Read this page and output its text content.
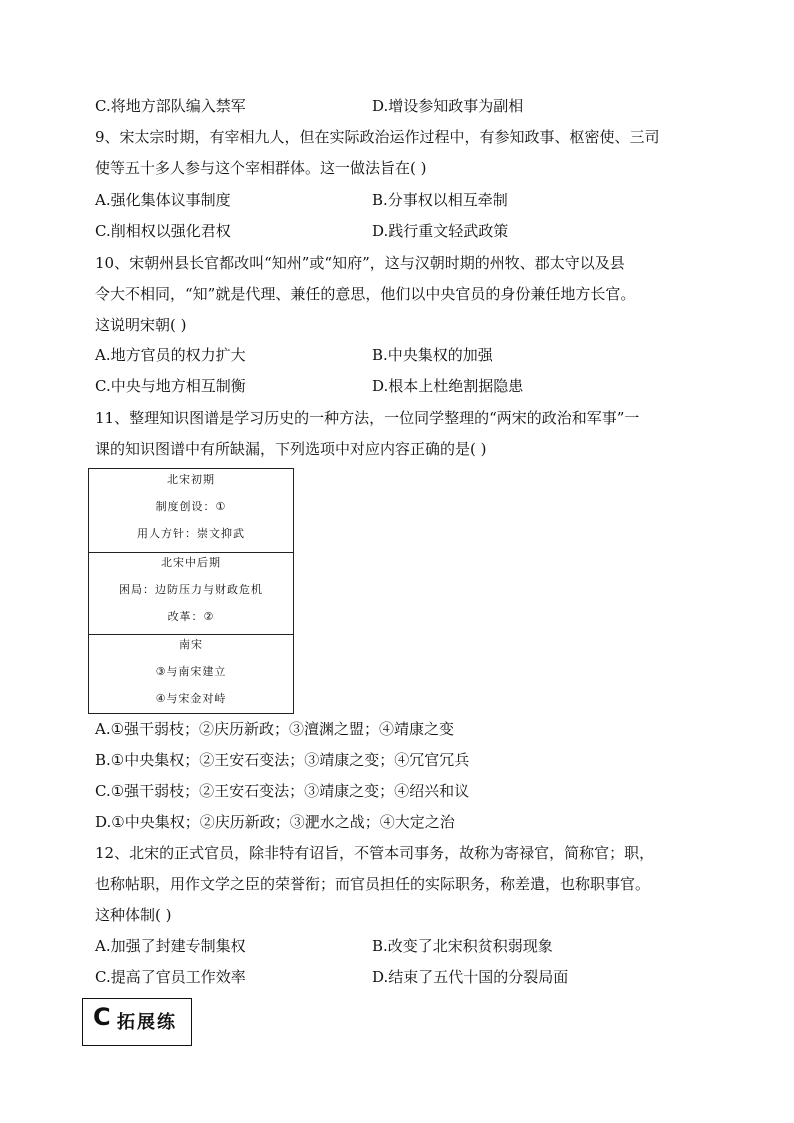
C.将地方部队编入禁军	D.增设参知政事为副相
9、宋太宗时期，有宰相九人，但在实际政治运作过程中，有参知政事、枢密使、三司
使等五十多人参与这个宰相群体。这一做法旨在( )
A.强化集体议事制度	B.分事权以相互牵制
C.削相权以强化君权	D.践行重文轻武政策
10、宋朝州县长官都改叫“知州”或“知府”，这与汉朝时期的州牧、郡太守以及县
令大不相同，“知”就是代理、兼任的意思，他们以中央官员的身份兼任地方长官。
这说明宋朝( )
A.地方官员的权力扩大	B.中央集权的加强
C.中央与地方相互制衡	D.根本上杜绝割据隐患
11、整理知识图谱是学习历史的一种方法，一位同学整理的“两宋的政治和军事”一
课的知识图谱中有所缺漏，下列选项中对应内容正确的是( )
北宋初期
制度创设：①
用人方针：崇文抑武
北宋中后期
困局：边防压力与财政危机
改革：②
南宋
③与南宋建立
④与宋金对峙
A.①强干弱枝；②庆历新政；③澶渊之盟；④靖康之变
B.①中央集权；②王安石变法；③靖康之变；④冗官冗兵
C.①强干弱枝；②王安石变法；③靖康之变；④绍兴和议
D.①中央集权；②庆历新政；③淝水之战；④大定之治
12、北宋的正式官员，除非特有诏旨，不管本司事务，故称为寄禄官，简称官；职，
也称帖职，用作文学之臣的荣誉衔；而官员担任的实际职务，称差遣，也称职事官。
这种体制( )
A.加强了封建专制集权	B.改变了北宋积贫积弱现象
C.提高了官员工作效率	D.结束了五代十国的分裂局面
C 拓展练
